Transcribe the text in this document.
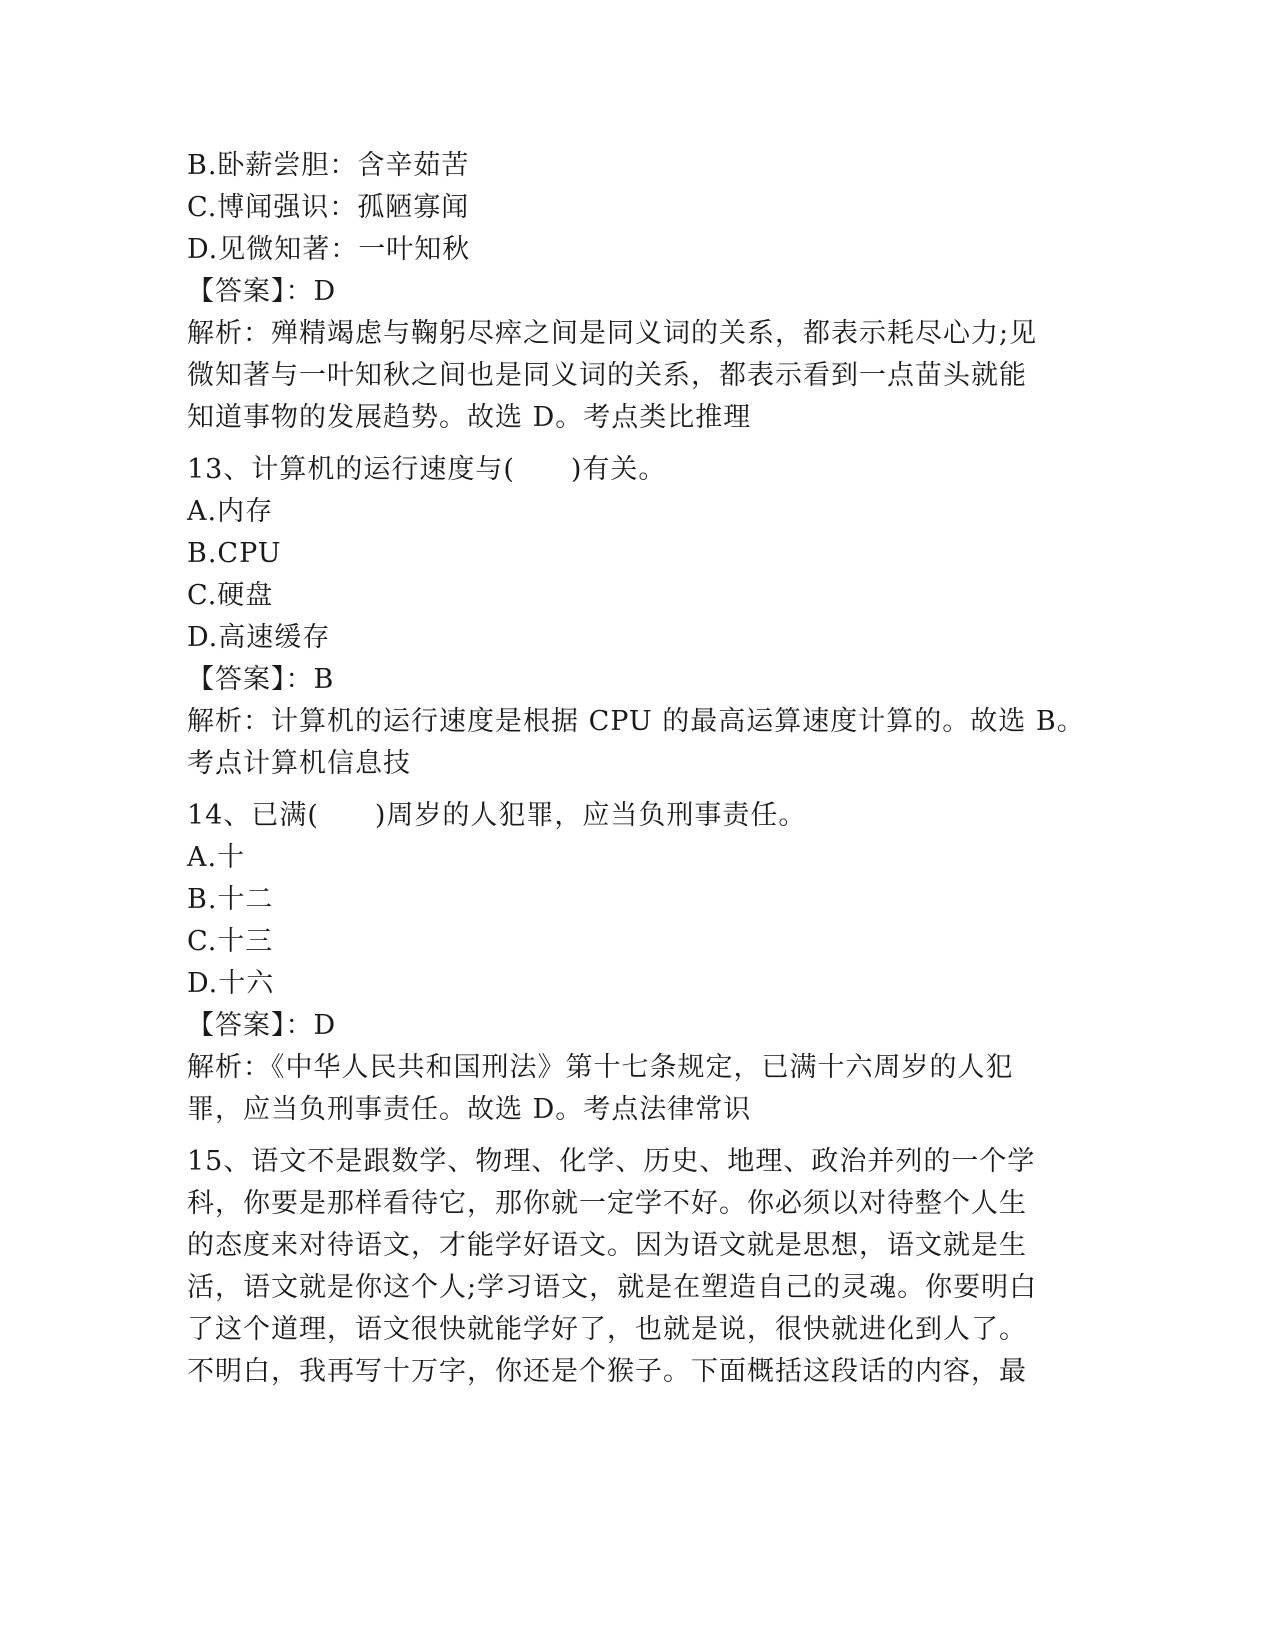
B.卧薪尝胆：含辛茹苦
C.博闻强识：孤陋寡闻
D.见微知著：一叶知秋
【答案】：D
解析：殚精竭虑与鞠躬尽瘁之间是同义词的关系，都表示耗尽心力;见
微知著与一叶知秋之间也是同义词的关系，都表示看到一点苗头就能
知道事物的发展趋势。故选 D。考点类比推理
13、计算机的运行速度与(　　)有关。
A.内存
B.CPU
C.硬盘
D.高速缓存
【答案】：B
解析：计算机的运行速度是根据 CPU 的最高运算速度计算的。故选 B。
考点计算机信息技
14、已满(　　)周岁的人犯罪，应当负刑事责任。
A.十
B.十二
C.十三
D.十六
【答案】：D
解析：《中华人民共和国刑法》第十七条规定，已满十六周岁的人犯
罪，应当负刑事责任。故选 D。考点法律常识
15、语文不是跟数学、物理、化学、历史、地理、政治并列的一个学
科，你要是那样看待它，那你就一定学不好。你必须以对待整个人生
的态度来对待语文，才能学好语文。因为语文就是思想，语文就是生
活，语文就是你这个人;学习语文，就是在塑造自己的灵魂。你要明白
了这个道理，语文很快就能学好了，也就是说，很快就进化到人了。
不明白，我再写十万字，你还是个猴子。下面概括这段话的内容，最
